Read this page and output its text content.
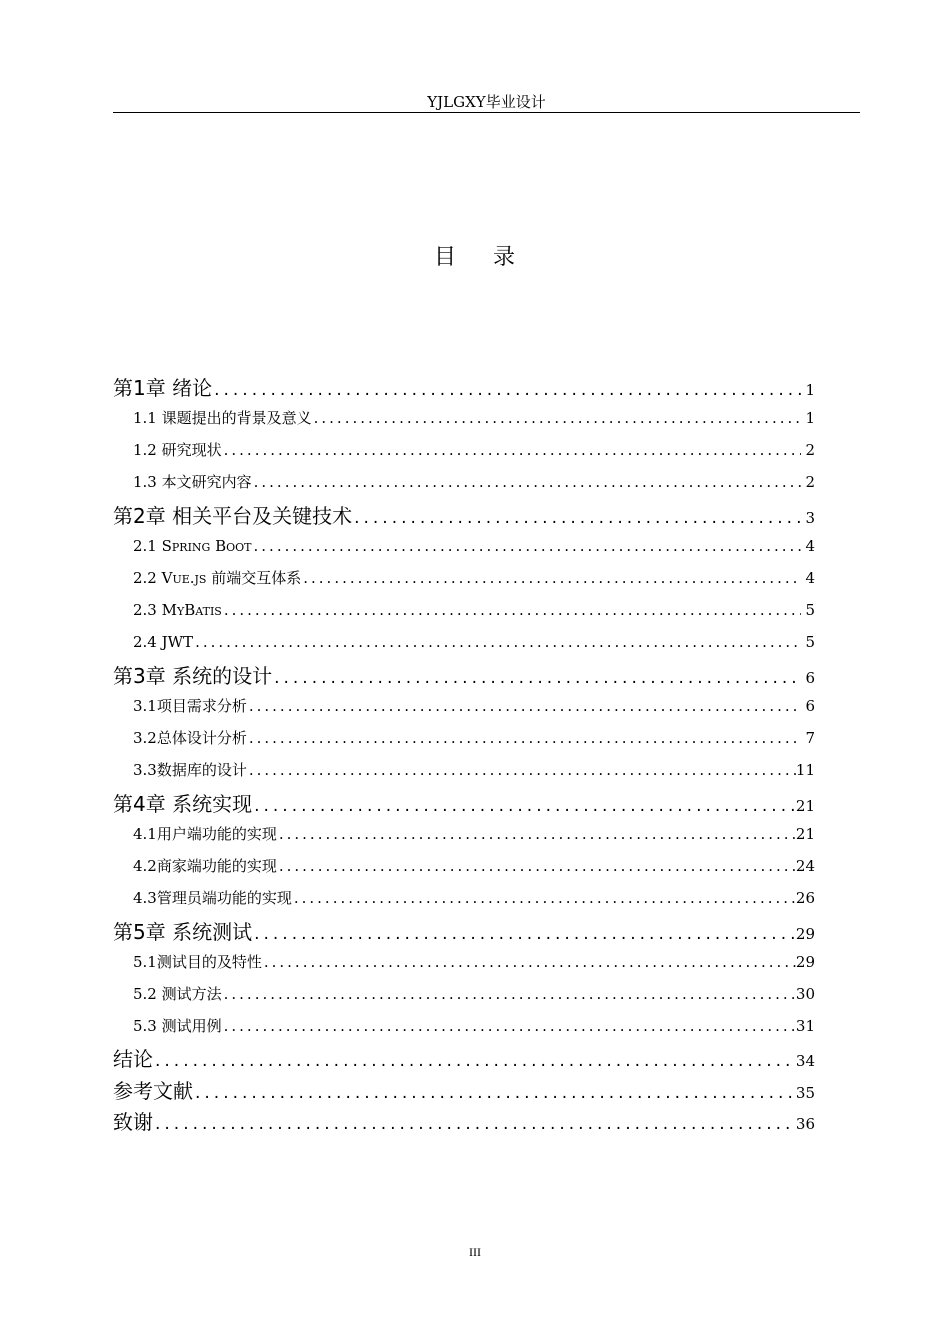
YJLGXY毕业设计
目 录
第1章 绪论 .....	1
1.1 课题提出的背景及意义 .....	1
1.2 研究现状 .....	2
1.3 本文研究内容 .....	2
第2章 相关平台及关键技术 .....	3
2.1 Spring Boot .....	4
2.2 Vue.js 前端交互体系 .....	4
2.3 MyBatis .....	5
2.4 JWT .....	5
第3章 系统的设计 .....	6
3.1项目需求分析 .....	6
3.2总体设计分析 .....	7
3.3数据库的设计 .....	11
第4章 系统实现 .....	21
4.1用户端功能的实现 .....	21
4.2商家端功能的实现 .....	24
4.3管理员端功能的实现 .....	26
第5章 系统测试 .....	29
5.1测试目的及特性 .....	29
5.2 测试方法 .....	30
5.3 测试用例 .....	31
结论 .....	34
参考文献 .....	35
致谢 .....	36
III
